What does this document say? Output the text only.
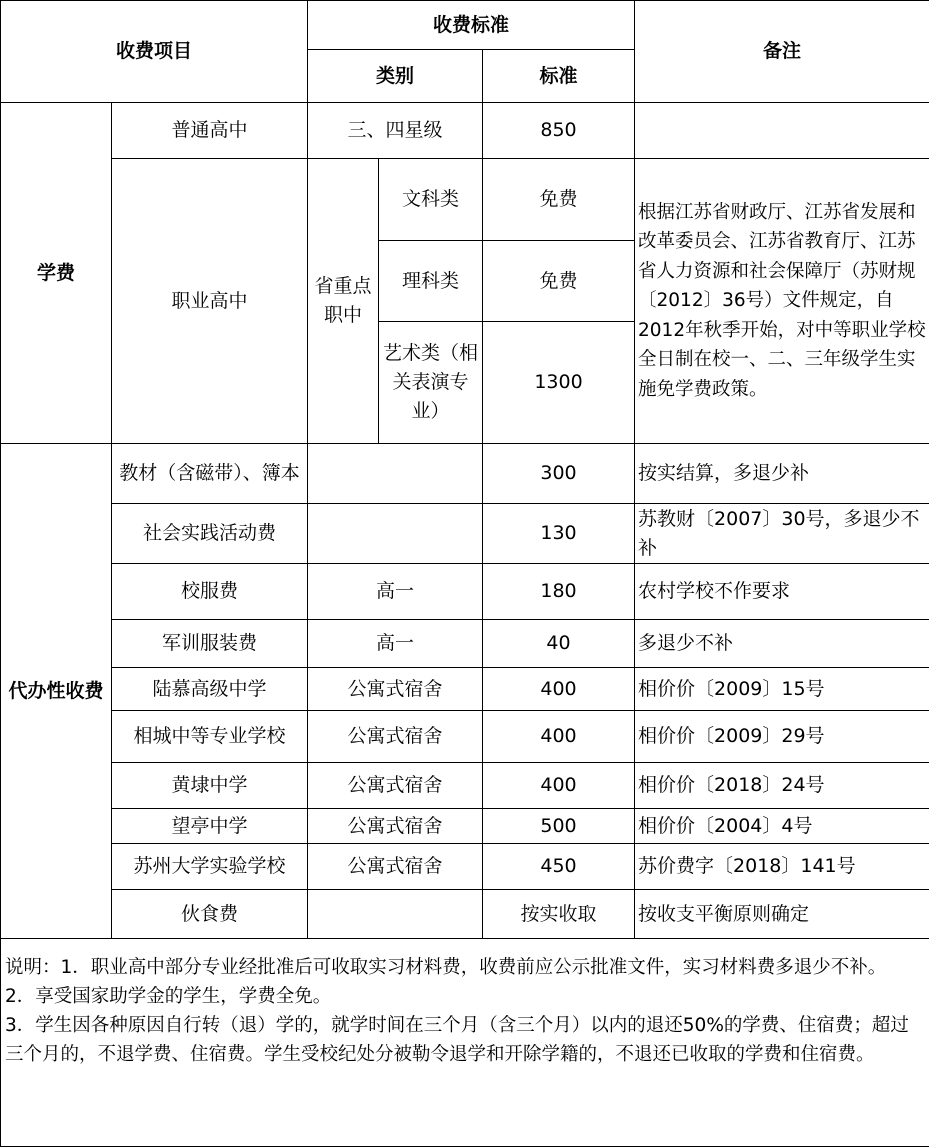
收费项目		收费标准			备注
		类别		标准	
学费	普通高中	三、四星级		850	
	职业高中	省重点职中	文科类	免费	根据江苏省财政厅、江苏省发展和改革委员会、江苏省教育厅、江苏省人力资源和社会保障厅（苏财规〔2012〕36号）文件规定，自2012年秋季开始，对中等职业学校全日制在校一、二、三年级学生实施免学费政策。
			理科类	免费	
			艺术类（相关表演专业）	1300	
代办性收费	教材（含磁带）、簿本			300	按实结算，多退少补
	社会实践活动费			130	苏教财〔2007〕30号，多退少不补
	校服费	高一		180	农村学校不作要求
	军训服装费	高一		40	多退少不补
	陆慕高级中学	公寓式宿舍		400	相价价〔2009〕15号
	相城中等专业学校	公寓式宿舍		400	相价价〔2009〕29号
	黄埭中学	公寓式宿舍		400	相价价〔2018〕24号
	望亭中学	公寓式宿舍		500	相价价〔2004〕4号
	苏州大学实验学校	公寓式宿舍		450	苏价费字〔2018〕141号
	伙食费			按实收取	按收支平衡原则确定

说明：1．职业高中部分专业经批准后可收取实习材料费，收费前应公示批准文件，实习材料费多退少不补。
2．享受国家助学金的学生，学费全免。
3．学生因各种原因自行转（退）学的，就学时间在三个月（含三个月）以内的退还50%的学费、住宿费；超过三个月的，不退学费、住宿费。学生受校纪处分被勒令退学和开除学籍的，不退还已收取的学费和住宿费。					
